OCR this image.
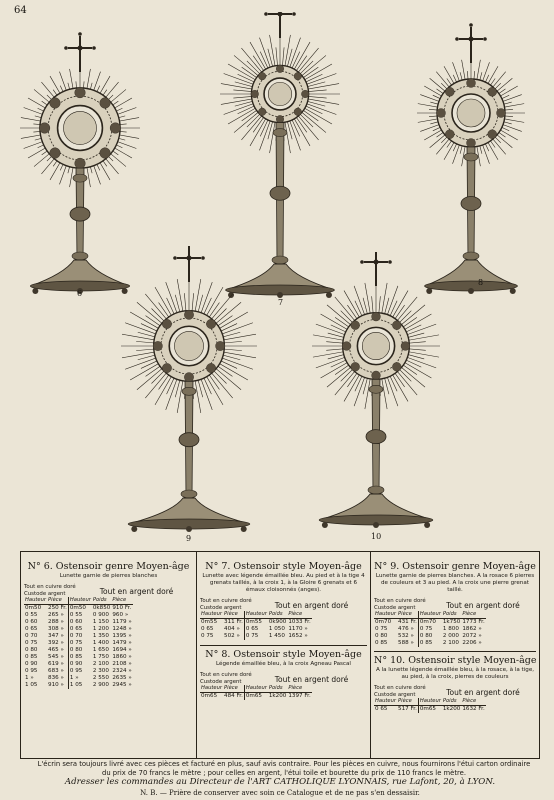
64
6
7
8
9	10
N° 6. Ostensoir genre Moyen-âge
Lunette garnie de pierres blanches
Tout en cuivre doré Custode argent	Tout en argent doré
Hauteur	Pièce	Hauteur	Poids	Pièce
0m50	250 Fr.	0m50	0k850	910 Fr.
0 55	265 »	0 55	0 900	960 »
0 60	288 »	0 60	1 150	1179 »
0 65	308 »	0 65	1 200	1248 »
0 70	347 »	0 70	1 350	1395 »
0 75	392 »	0 75	1 400	1479 »
0 80	465 »	0 80	1 650	1694 »
0 85	545 »	0 85	1 750	1860 »
0 90	619 »	0 90	2 100	2108 »
0 95	683 »	0 95	2 300	2324 »
1 »	836 »	1 »	2 550	2635 »
1 05	910 »	1 05	2 900	2945 »
N° 7. Ostensoir style Moyen-âge
Lunette avec légende émaillée bleu. Au pied et à la tige 4 grenats taillés, à la croix 1, à la Gloire 6 grenats et 6 émaux cloisonnés (anges).
Tout en cuivre doré Custode argent	Tout en argent doré
Hauteur	Pièce	Hauteur	Poids	Pièce
0m55	311 Fr.	0m55	0k900	1033 Fr.
0 65	404 »	0 65	1 050	1170 »
0 75	502 »	0 75	1 450	1652 »
N° 8. Ostensoir style Moyen-âge
Légende émaillée bleu, à la croix Agneau Pascal
Tout en cuivre doré Custode argent	Tout en argent doré
Hauteur	Pièce	Hauteur	Poids	Pièce
0m65	484 Fr.	0m65	1k200	1397 Fr.
N° 9. Ostensoir genre Moyen-âge
Lunette garnie de pierres blanches. A la rosace 6 pierres de couleurs et 3 au pied. A la croix une pierre grenat taillé.
Tout en cuivre doré Custode argent	Tout en argent doré
Hauteur	Pièce	Hauteur	Poids	Pièce
0m70	431 Fr.	0m70	1k750	1773 Fr.
0 75	476 »	0 75	1 800	1862 »
0 80	532 »	0 80	2 000	2072 »
0 85	588 »	0 85	2 100	2206 »
N° 10. Ostensoir style Moyen-âge
A la lunette légende émaillée bleu, à la rosace, à la tige, au pied, à la croix, pierres de couleurs
Tout en cuivre doré Custode argent	Tout en argent doré
Hauteur	Pièce	Hauteur	Poids	Pièce
0 65	517 Fr.	0m65	1k200	1632 Fr.
L'écrin sera toujours livré avec ces pièces et facturé en plus, sauf avis contraire. Pour les pièces en cuivre, nous fournirons l'étui carton ordinaire du prix de 70 francs le mètre ; pour celles en argent, l'étui toile et bourette du prix de 110 francs le mètre.
Adresser les commandes au Directeur de l'ART CATHOLIQUE LYONNAIS, rue Lafont, 20, à LYON.
N. B. — Prière de conserver avec soin ce Catalogue et de ne pas s'en dessaisir.
